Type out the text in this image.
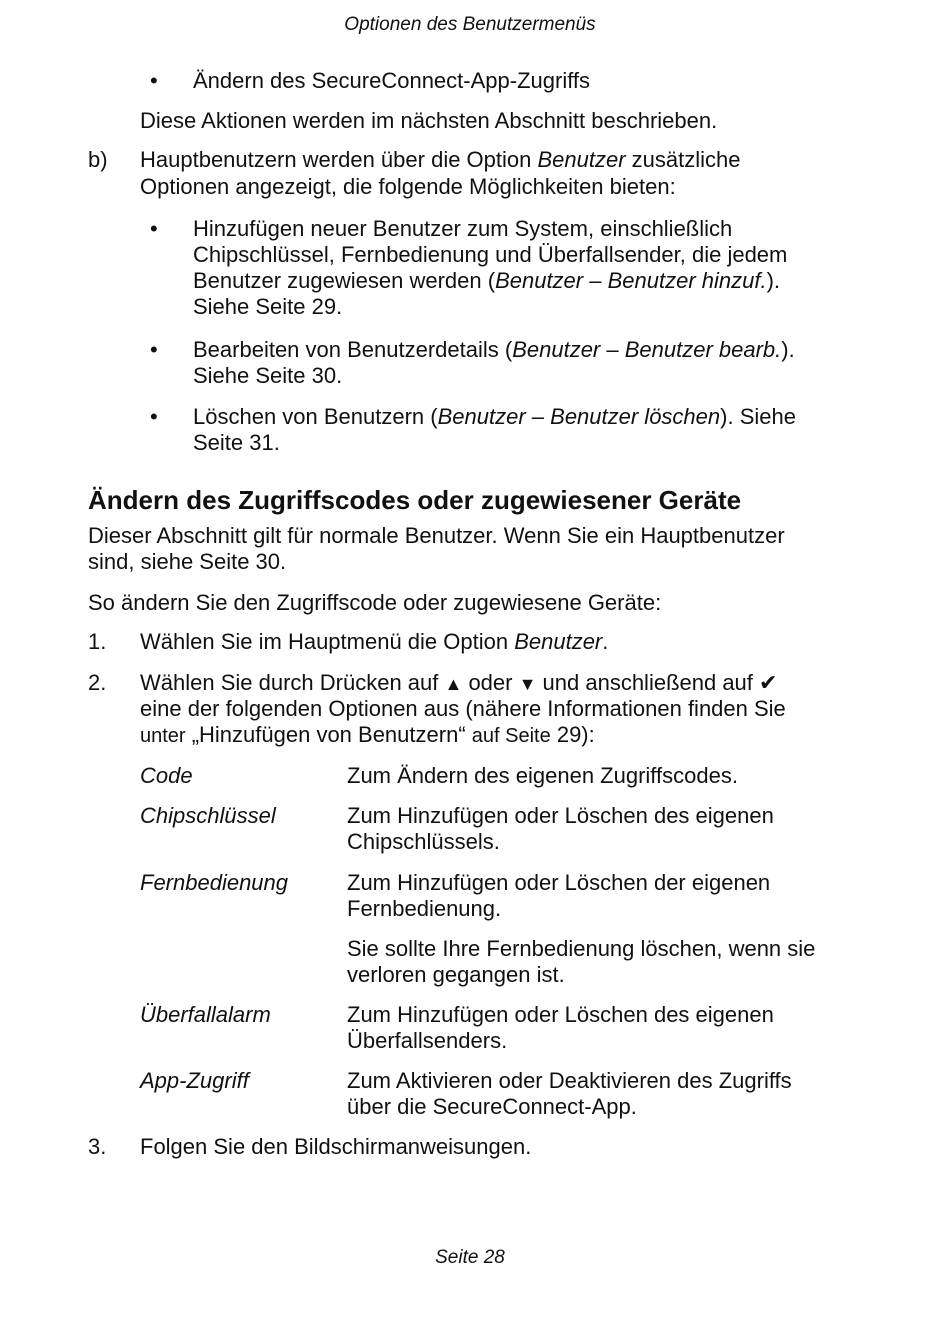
Optionen des Benutzermenüs
• Ändern des SecureConnect-App-Zugriffs
Diese Aktionen werden im nächsten Abschnitt beschrieben.
b) Hauptbenutzern werden über die Option Benutzer zusätzliche
Optionen angezeigt, die folgende Möglichkeiten bieten:
• Hinzufügen neuer Benutzer zum System, einschließlich
Chipschlüssel, Fernbedienung und Überfallsender, die jedem
Benutzer zugewiesen werden (Benutzer – Benutzer hinzuf.).
Siehe Seite 29.
• Bearbeiten von Benutzerdetails (Benutzer – Benutzer bearb.).
Siehe Seite 30.
• Löschen von Benutzern (Benutzer – Benutzer löschen). Siehe
Seite 31.
Ändern des Zugriffscodes oder zugewiesener Geräte
Dieser Abschnitt gilt für normale Benutzer. Wenn Sie ein Hauptbenutzer
sind, siehe Seite 30.
So ändern Sie den Zugriffscode oder zugewiesene Geräte:
1. Wählen Sie im Hauptmenü die Option Benutzer.
2. Wählen Sie durch Drücken auf ▲ oder ▼ und anschließend auf ✔
eine der folgenden Optionen aus (nähere Informationen finden Sie
unter „Hinzufügen von Benutzern“ auf Seite 29):
Code	Zum Ändern des eigenen Zugriffscodes.
Chipschlüssel	Zum Hinzufügen oder Löschen des eigenen
Chipschlüssels.
Fernbedienung	Zum Hinzufügen oder Löschen der eigenen
Fernbedienung.
Sie sollte Ihre Fernbedienung löschen, wenn sie
verloren gegangen ist.
Überfallalarm	Zum Hinzufügen oder Löschen des eigenen
Überfallsenders.
App-Zugriff	Zum Aktivieren oder Deaktivieren des Zugriffs
über die SecureConnect-App.
3. Folgen Sie den Bildschirmanweisungen.
Seite 28
